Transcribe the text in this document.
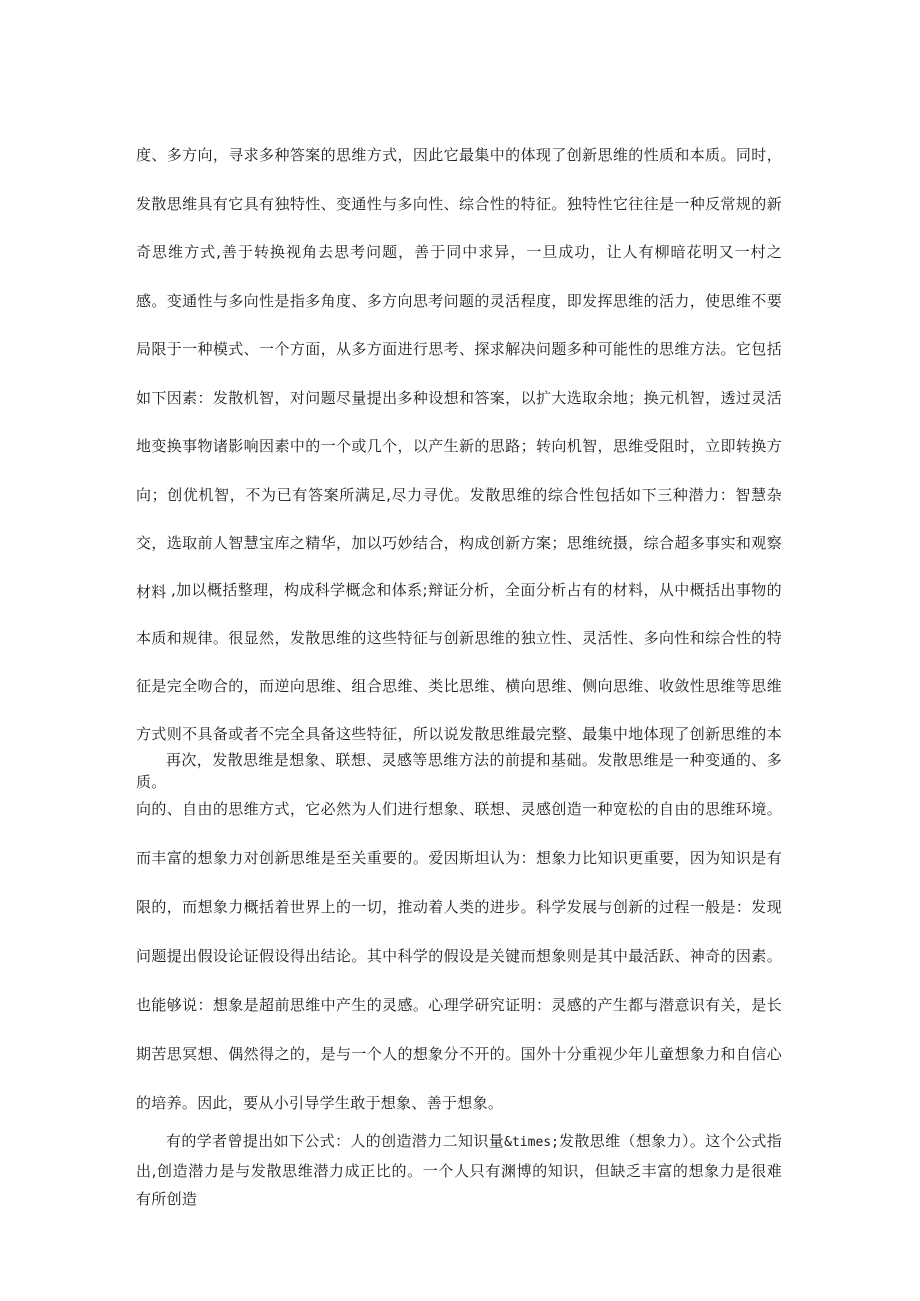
度、多方向，寻求多种答案的思维方式，因此它最集中的体现了创新思维的性质和本质。同时，发散思维具有它具有独特性、变通性与多向性、综合性的特征。独特性它往往是一种反常规的新奇思维方式,善于转换视角去思考问题，善于同中求异，一旦成功，让人有柳暗花明又一村之感。变通性与多向性是指多角度、多方向思考问题的灵活程度，即发挥思维的活力，使思维不要局限于一种模式、一个方面，从多方面进行思考、探求解决问题多种可能性的思维方法。它包括如下因素：发散机智，对问题尽量提出多种设想和答案，以扩大选取余地；换元机智，透过灵活地变换事物诸影响因素中的一个或几个，以产生新的思路；转向机智，思维受阻时，立即转换方向；创优机智，不为已有答案所满足,尽力寻优。发散思维的综合性包括如下三种潜力：智慧杂交，选取前人智慧宝库之精华，加以巧妙结合，构成创新方案；思维统摄，综合超多事实和观察材料 ,加以概括整理，构成科学概念和体系;辩证分析，全面分析占有的材料，从中概括出事物的本质和规律。很显然，发散思维的这些特征与创新思维的独立性、灵活性、多向性和综合性的特征是完全吻合的，而逆向思维、组合思维、类比思维、横向思维、侧向思维、收敛性思维等思维方式则不具备或者不完全具备这些特征，所以说发散思维最完整、最集中地体现了创新思维的本质。

再次，发散思维是想象、联想、灵感等思维方法的前提和基础。发散思维是一种变通的、多向的、自由的思维方式，它必然为人们进行想象、联想、灵感创造一种宽松的自由的思维环境。而丰富的想象力对创新思维是至关重要的。爱因斯坦认为：想象力比知识更重要，因为知识是有限的，而想象力概括着世界上的一切，推动着人类的进步。科学发展与创新的过程一般是：发现问题提出假设论证假设得出结论。其中科学的假设是关键而想象则是其中最活跃、神奇的因素。也能够说：想象是超前思维中产生的灵感。心理学研究证明：灵感的产生都与潜意识有关，是长期苦思冥想、偶然得之的，是与一个人的想象分不开的。国外十分重视少年儿童想象力和自信心的培养。因此，要从小引导学生敢于想象、善于想象。

有的学者曾提出如下公式：人的创造潜力二知识量&times;发散思维（想象力）。这个公式指出,创造潜力是与发散思维潜力成正比的。一个人只有渊博的知识，但缺乏丰富的想象力是很难有所创造
